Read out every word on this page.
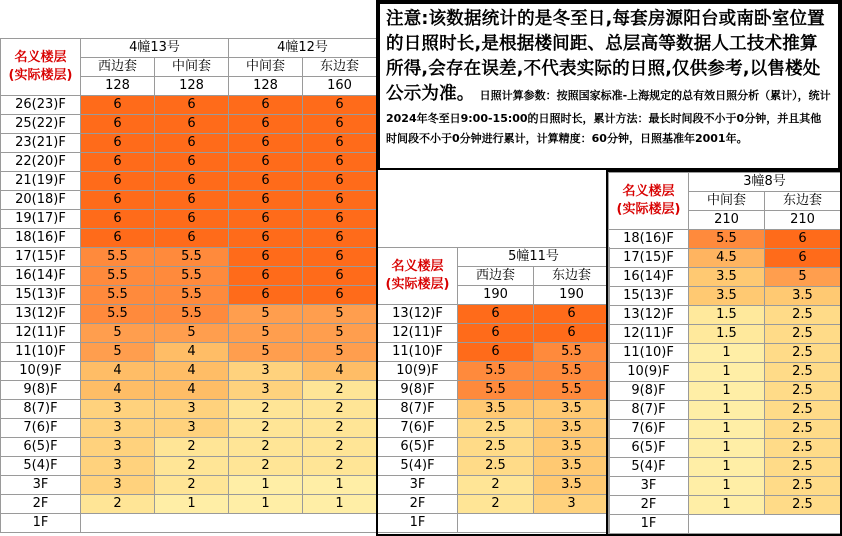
名义楼层
(实际楼层)	4幢13号		4幢12号	
	西边套	中间套	中间套	东边套
	128	128	128	160
26(23)F	6	6	6	6
25(22)F	6	6	6	6
23(21)F	6	6	6	6
22(20)F	6	6	6	6
21(19)F	6	6	6	6
20(18)F	6	6	6	6
19(17)F	6	6	6	6
18(16)F	6	6	6	6
17(15)F	5.5	5.5	6	6
16(14)F	5.5	5.5	6	6
15(13)F	5.5	5.5	6	6
13(12)F	5.5	5.5	5	5
12(11)F	5	5	5	5
11(10)F	5	4	5	5
10(9)F	4	4	3	4
9(8)F	4	4	3	2
8(7)F	3	3	2	2
7(6)F	3	3	2	2
6(5)F	3	2	2	2
5(4)F	3	2	2	2
3F	3	2	1	1
2F	2	1	1	1
1F				
注意:该数据统计的是冬至日,每套房源阳台或南卧室位置的日照时长,是根据楼间距、总层高等数据人工技术推算所得,会存在误差,不代表实际的日照,仅供参考,以售楼处公示为准。 日照计算参数：按照国家标准-上海规定的总有效日照分析（累计），统计2024年冬至日9:00-15:00的日照时长，累计方法：最长时间段不小于0分钟，并且其他时间段不小于0分钟进行累计，计算精度：60分钟，日照基准年2001年。
名义楼层
(实际楼层)	5幢11号	
	西边套	东边套
	190	190
13(12)F	6	6
12(11)F	6	6
11(10)F	6	5.5
10(9)F	5.5	5.5
9(8)F	5.5	5.5
8(7)F	3.5	3.5
7(6)F	2.5	3.5
6(5)F	2.5	3.5
5(4)F	2.5	3.5
3F	2	3.5
2F	2	3
1F		
名义楼层
(实际楼层)	3幢8号	
	中间套	东边套
	210	210
18(16)F	5.5	6
17(15)F	4.5	6
16(14)F	3.5	5
15(13)F	3.5	3.5
13(12)F	1.5	2.5
12(11)F	1.5	2.5
11(10)F	1	2.5
10(9)F	1	2.5
9(8)F	1	2.5
8(7)F	1	2.5
7(6)F	1	2.5
6(5)F	1	2.5
5(4)F	1	2.5
3F	1	2.5
2F	1	2.5
1F		
